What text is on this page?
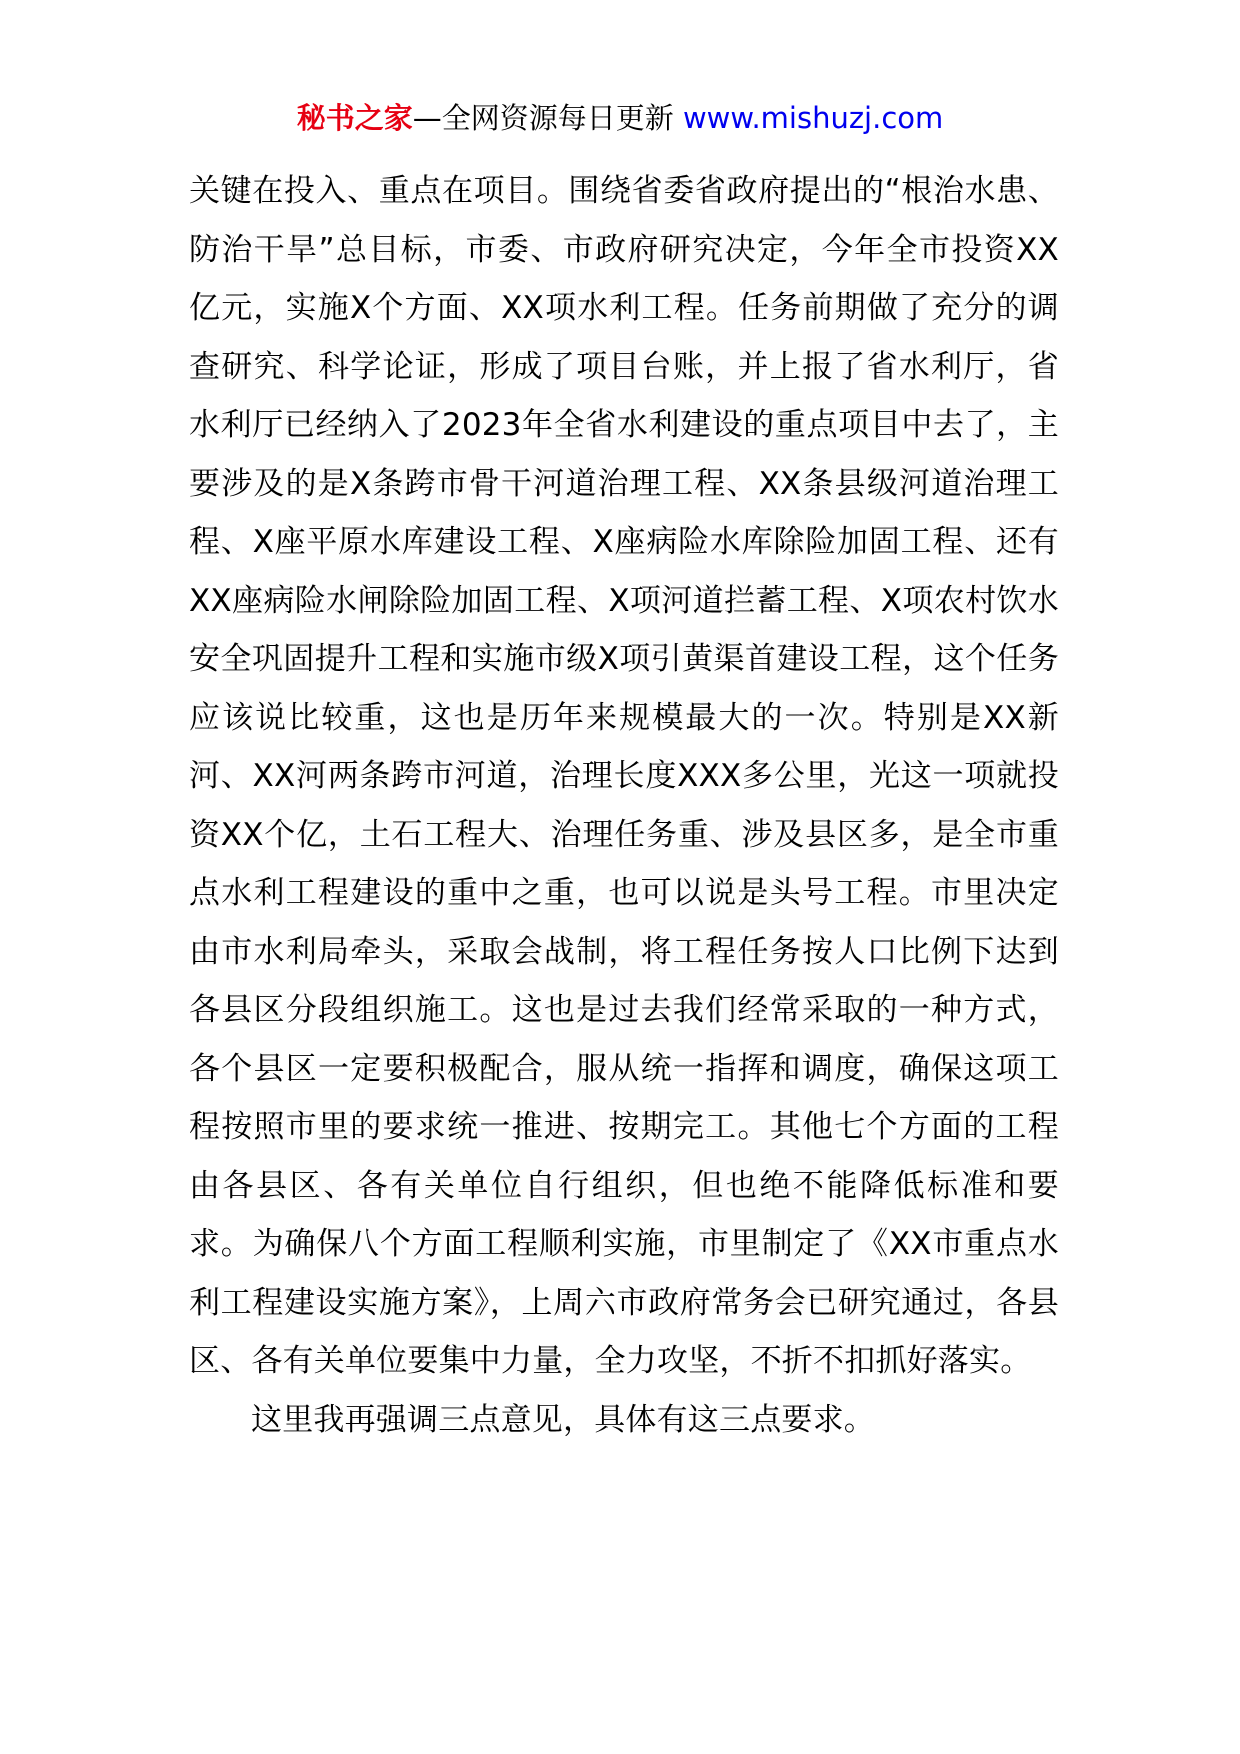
秘书之家—全网资源每日更新 www.mishuzj.com

关键在投入、重点在项目。围绕省委省政府提出的“根治水患、防治干旱”总目标，市委、市政府研究决定，今年全市投资XX亿元，实施X个方面、XX项水利工程。任务前期做了充分的调查研究、科学论证，形成了项目台账，并上报了省水利厅，省水利厅已经纳入了2023年全省水利建设的重点项目中去了，主要涉及的是X条跨市骨干河道治理工程、XX条县级河道治理工程、X座平原水库建设工程、X座病险水库除险加固工程、还有XX座病险水闸除险加固工程、X项河道拦蓄工程、X项农村饮水安全巩固提升工程和实施市级X项引黄渠首建设工程，这个任务应该说比较重，这也是历年来规模最大的一次。特别是XX新河、XX河两条跨市河道，治理长度XXX多公里，光这一项就投资XX个亿，土石工程大、治理任务重、涉及县区多，是全市重点水利工程建设的重中之重，也可以说是头号工程。市里决定由市水利局牵头，采取会战制，将工程任务按人口比例下达到各县区分段组织施工。这也是过去我们经常采取的一种方式，各个县区一定要积极配合，服从统一指挥和调度，确保这项工程按照市里的要求统一推进、按期完工。其他七个方面的工程由各县区、各有关单位自行组织，但也绝不能降低标准和要求。为确保八个方面工程顺利实施，市里制定了《XX市重点水利工程建设实施方案》，上周六市政府常务会已研究通过，各县区、各有关单位要集中力量，全力攻坚，不折不扣抓好落实。

这里我再强调三点意见，具体有这三点要求。
